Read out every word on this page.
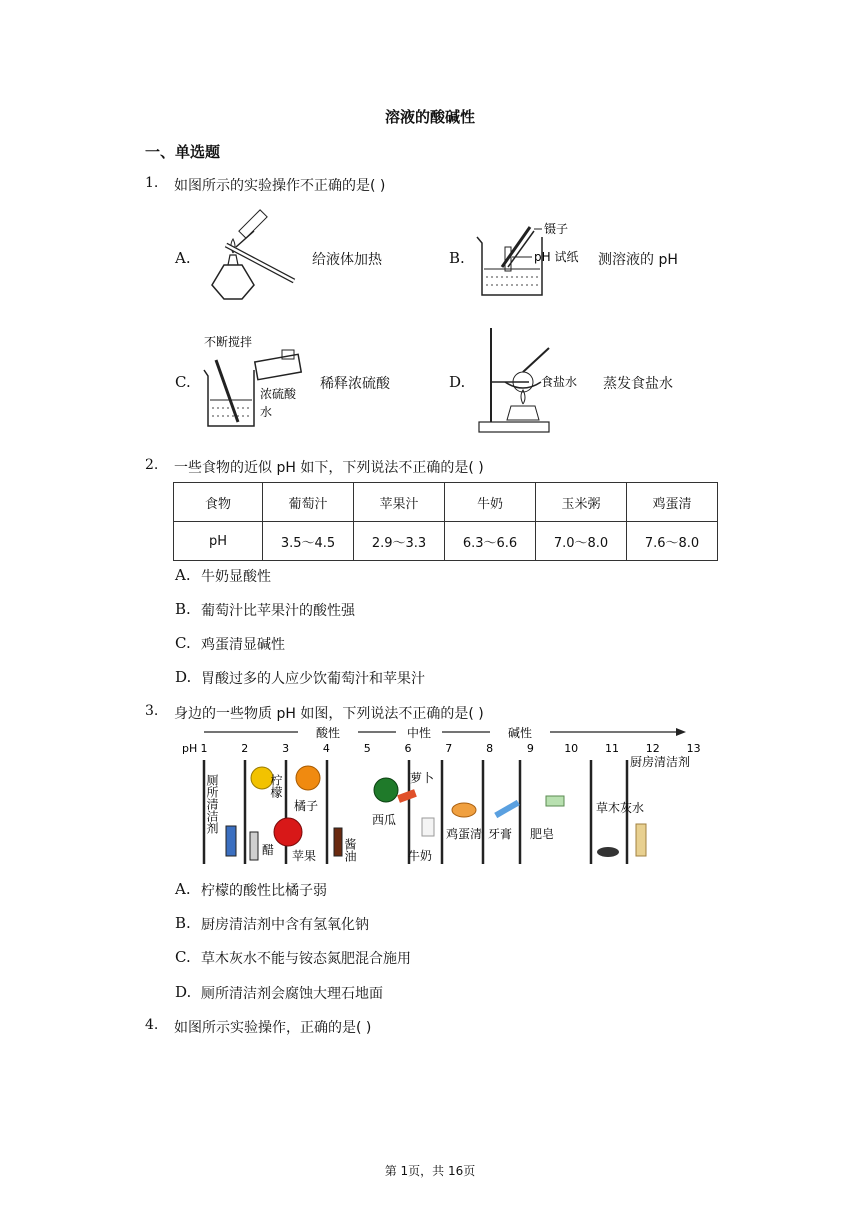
溶液的酸碱性
一、单选题
1. 如图所示的实验操作不正确的是( )
A.	给液体加热	B.
镊子
pH 试纸 测溶液的 pH
C.
不断搅拌
浓硫酸
水
稀释浓硫酸	D.	食盐水 蒸发食盐水
2. 一些食物的近似 pH 如下，下列说法不正确的是( )
食物	葡萄汁	苹果汁	牛奶	玉米粥	鸡蛋清
pH	3.5～4.5	2.9～3.3	6.3～6.6	7.0～8.0	7.6～8.0
A. 牛奶显酸性
B. 葡萄汁比苹果汁的酸性强
C. 鸡蛋清显碱性
D. 胃酸过多的人应少饮葡萄汁和苹果汁
3. 身边的一些物质 pH 如图，下列说法不正确的是( )
酸性	中性	碱性
pH 1	2	3	4	5	6	7	8	9	10 11 12 13
厕所清洁剂	柠檬
橘子
醋 苹果 酱油
西瓜
萝卜
牛奶
鸡蛋清 牙膏 肥皂
草木灰水
厨房清洁剂
A. 柠檬的酸性比橘子弱
B. 厨房清洁剂中含有氢氧化钠
C. 草木灰水不能与铵态氮肥混合施用
D. 厕所清洁剂会腐蚀大理石地面
4. 如图所示实验操作，正确的是( )
第 1页，共 16页
